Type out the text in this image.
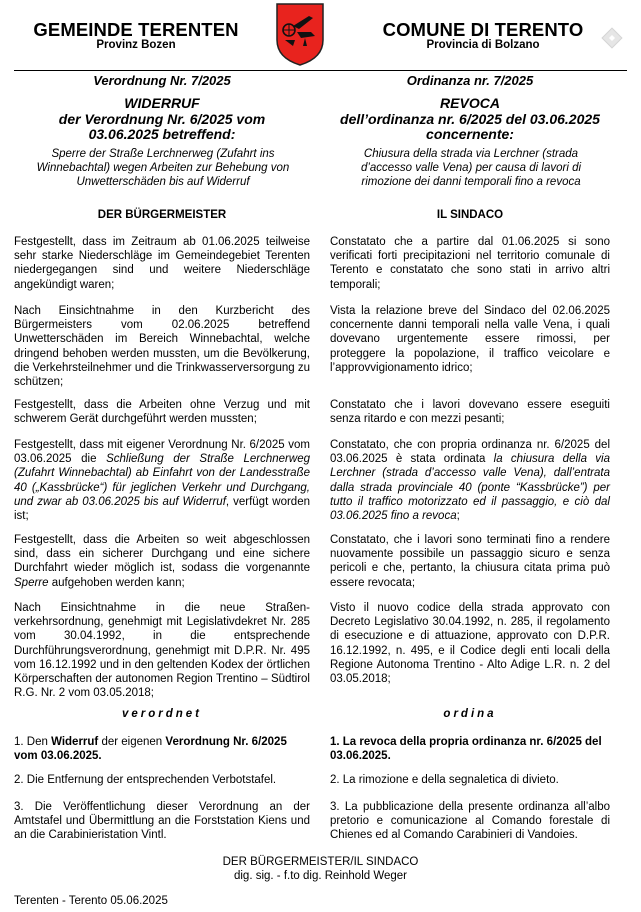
GEMEINDE TERENTEN
Provinz Bozen
COMUNE DI TERENTO
Provincia di Bolzano
Verordnung Nr. 7/2025	Ordinanza nr. 7/2025
WIDERRUF
der Verordnung Nr. 6/2025 vom
03.06.2025 betreffend:
REVOCA
dell’ordinanza nr. 6/2025 del 03.06.2025
concernente:
Sperre der Straße Lerchnerweg (Zufahrt ins Winnebachtal) wegen Arbeiten zur Behebung von Unwetterschäden bis auf Widerruf
Chiusura della strada via Lerchner (strada d’accesso valle Vena) per causa di lavori di rimozione dei danni temporali fino a revoca
DER BÜRGERMEISTER	IL SINDACO

Festgestellt, dass im Zeitraum ab 01.06.2025 teilweise sehr starke Niederschläge im Gemeindegebiet Terenten niedergegangen sind und weitere Niederschläge angekündigt waren;

Nach Einsichtnahme in den Kurzbericht des Bürgermeisters vom 02.06.2025 betreffend Unwetterschäden im Bereich Winnebachtal, welche dringend behoben werden mussten, um die Bevölkerung, die Verkehrsteilnehmer und die Trinkwasserversorgung zu schützen;

Festgestellt, dass die Arbeiten ohne Verzug und mit schwerem Gerät durchgeführt werden mussten;

Festgestellt, dass mit eigener Verordnung Nr. 6/2025 vom 03.06.2025 die Schließung der Straße Lerchnerweg (Zufahrt Winnebachtal) ab Einfahrt von der Landesstraße 40 („Kassbrücke“) für jeglichen Verkehr und Durchgang, und zwar ab 03.06.2025 bis auf Widerruf, verfügt worden ist;

Festgestellt, dass die Arbeiten so weit abgeschlossen sind, dass ein sicherer Durchgang und eine sichere Durchfahrt wieder möglich ist, sodass die vorgenannte Sperre aufgehoben werden kann;

Nach Einsichtnahme in die neue Straßen-verkehrsordnung, genehmigt mit Legislativdekret Nr. 285 vom 30.04.1992, in die entsprechende Durchführungsverordnung, genehmigt mit D.P.R. Nr. 495 vom 16.12.1992 und in den geltenden Kodex der örtlichen Körperschaften der autonomen Region Trentino – Südtirol R.G. Nr. 2 vom 03.05.2018;

verordnet

1. Den Widerruf der eigenen Verordnung Nr. 6/2025 vom 03.06.2025.

2. Die Entfernung der entsprechenden Verbotstafel.

3. Die Veröffentlichung dieser Verordnung an der Amtstafel und Übermittlung an die Forststation Kiens und an die Carabinieristation Vintl.

Constatato che a partire dal 01.06.2025 si sono verificati forti precipitazioni nel territorio comunale di Terento e constatato che sono stati in arrivo altri temporali;

Vista la relazione breve del Sindaco del 02.06.2025 concernente danni temporali nella valle Vena, i quali dovevano urgentemente essere rimossi, per proteggere la popolazione, il traffico veicolare e l’approvvigionamento idrico;

Constatato che i lavori dovevano essere eseguiti senza ritardo e con mezzi pesanti;

Constatato, che con propria ordinanza nr. 6/2025 del 03.06.2025 è stata ordinata la chiusura della via Lerchner (strada d’accesso valle Vena), dall’entrata dalla strada provinciale 40 (ponte “Kassbrücke”) per tutto il traffico motorizzato ed il passaggio, e ciò dal 03.06.2025 fino a revoca;

Constatato, che i lavori sono terminati fino a rendere nuovamente possibile un passaggio sicuro e senza pericoli e che, pertanto, la chiusura citata prima può essere revocata;

Visto il nuovo codice della strada approvato con Decreto Legislativo 30.04.1992, n. 285, il regolamento di esecuzione e di attuazione, approvato con D.P.R. 16.12.1992, n. 495, e il Codice degli enti locali della Regione Autonoma Trentino - Alto Adige L.R. n. 2 del 03.05.2018;

ordina

1. La revoca della propria ordinanza nr. 6/2025 del 03.06.2025.

2. La rimozione e della segnaletica di divieto.

3. La pubblicazione della presente ordinanza all’albo pretorio e comunicazione al Comando forestale di Chienes ed al Comando Carabinieri di Vandoies.

DER BÜRGERMEISTER/IL SINDACO
dig. sig. - f.to dig. Reinhold Weger
Terenten - Terento 05.06.2025
